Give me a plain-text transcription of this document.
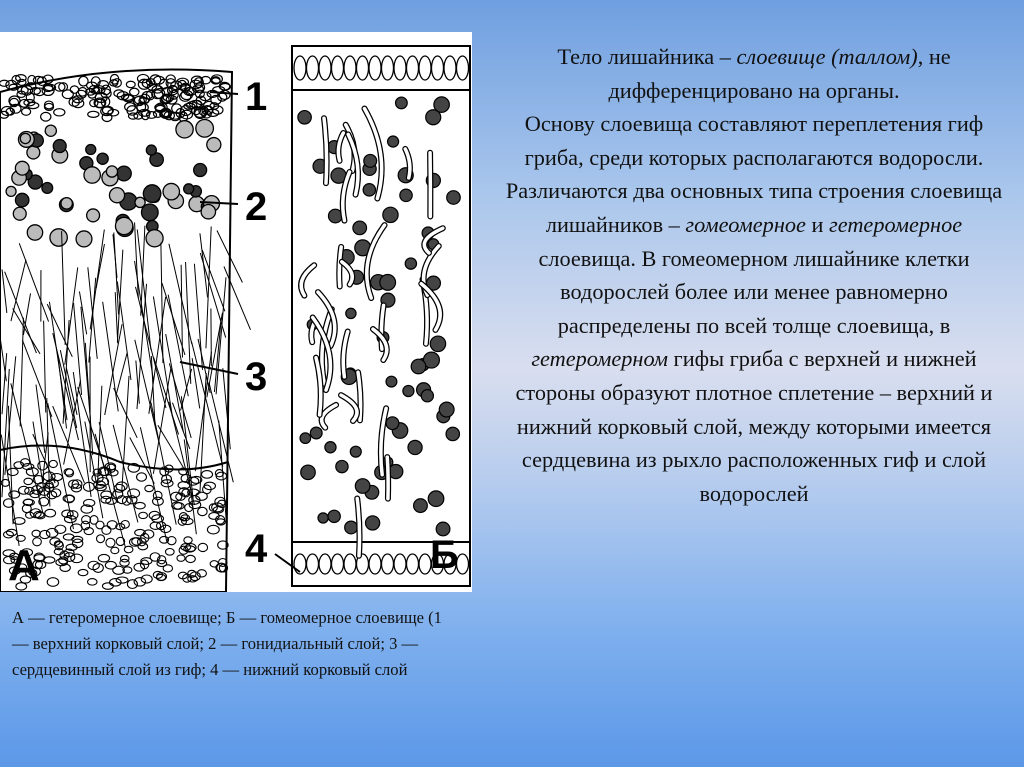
1
2
3
4
А	Б

Тело лишайника – слоевище (таллом), не дифференцировано на органы.
Основу слоевища составляют переплетения гиф гриба, среди которых располагаются водоросли.
Различаются два основных типа строения слоевища лишайников – гомеомерное и гетеромерное слоевища. В гомеомерном лишайнике клетки водорослей более или менее равномерно распределены по всей толще слоевища, в гетеромерном гифы гриба с верхней и нижней стороны образуют плотное сплетение – верхний и нижний корковый слой, между которыми имеется сердцевина из рыхло расположенных гиф и слой водорослей

А — гетеромерное слоевище; Б — гомеомерное слоевище (1 — верхний корковый слой; 2 — гонидиальный слой; 3 — сердцевинный слой из гиф; 4 — нижний корковый слой
